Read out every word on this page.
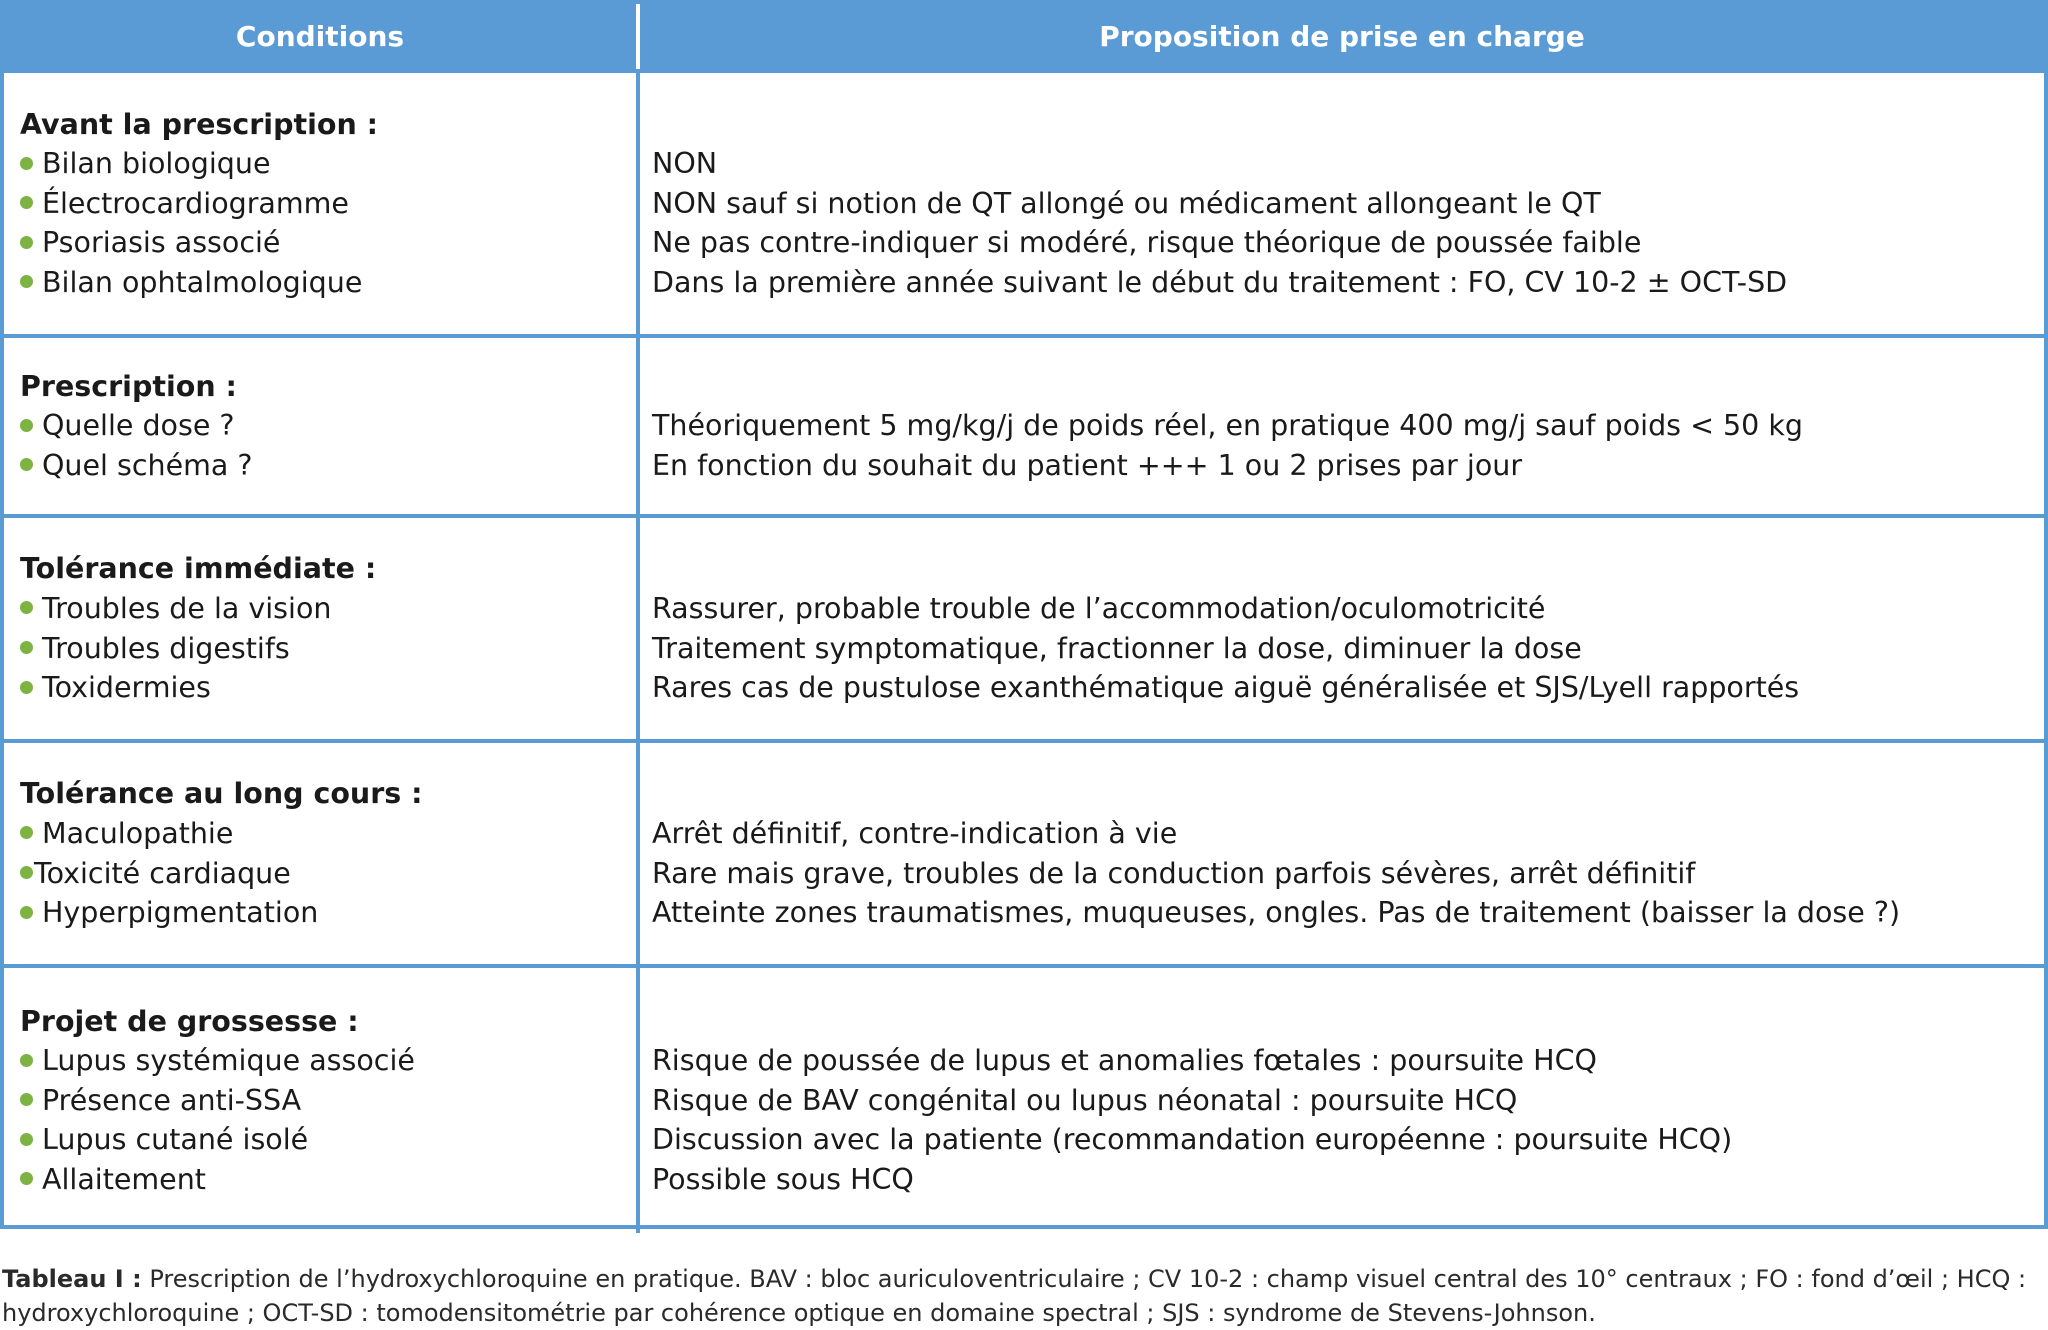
Conditions	Proposition de prise en charge
Avant la prescription :
Bilan biologique
Électrocardiogramme
Psoriasis associé
Bilan ophtalmologique
NON
NON sauf si notion de QT allongé ou médicament allongeant le QT
Ne pas contre-indiquer si modéré, risque théorique de poussée faible
Dans la première année suivant le début du traitement : FO, CV 10-2 ± OCT-SD
Prescription :
Quelle dose ?
Quel schéma ?
Théoriquement 5 mg/kg/j de poids réel, en pratique 400 mg/j sauf poids < 50 kg
En fonction du souhait du patient +++ 1 ou 2 prises par jour
Tolérance immédiate :
Troubles de la vision
Troubles digestifs
Toxidermies
Rassurer, probable trouble de l’accommodation/oculomotricité
Traitement symptomatique, fractionner la dose, diminuer la dose
Rares cas de pustulose exanthématique aiguë généralisée et SJS/Lyell rapportés
Tolérance au long cours :
Maculopathie
Toxicité cardiaque
Hyperpigmentation
Arrêt définitif, contre-indication à vie
Rare mais grave, troubles de la conduction parfois sévères, arrêt définitif
Atteinte zones traumatismes, muqueuses, ongles. Pas de traitement (baisser la dose ?)
Projet de grossesse :
Lupus systémique associé
Présence anti-SSA
Lupus cutané isolé
Allaitement
Risque de poussée de lupus et anomalies fœtales : poursuite HCQ
Risque de BAV congénital ou lupus néonatal : poursuite HCQ
Discussion avec la patiente (recommandation européenne : poursuite HCQ)
Possible sous HCQ
Tableau I : Prescription de l’hydroxychloroquine en pratique. BAV : bloc auriculoventriculaire ; CV 10-2 : champ visuel central des 10° centraux ; FO : fond d’œil ; HCQ : hydroxychloroquine ; OCT-SD : tomodensitométrie par cohérence optique en domaine spectral ; SJS : syndrome de Stevens-Johnson.
